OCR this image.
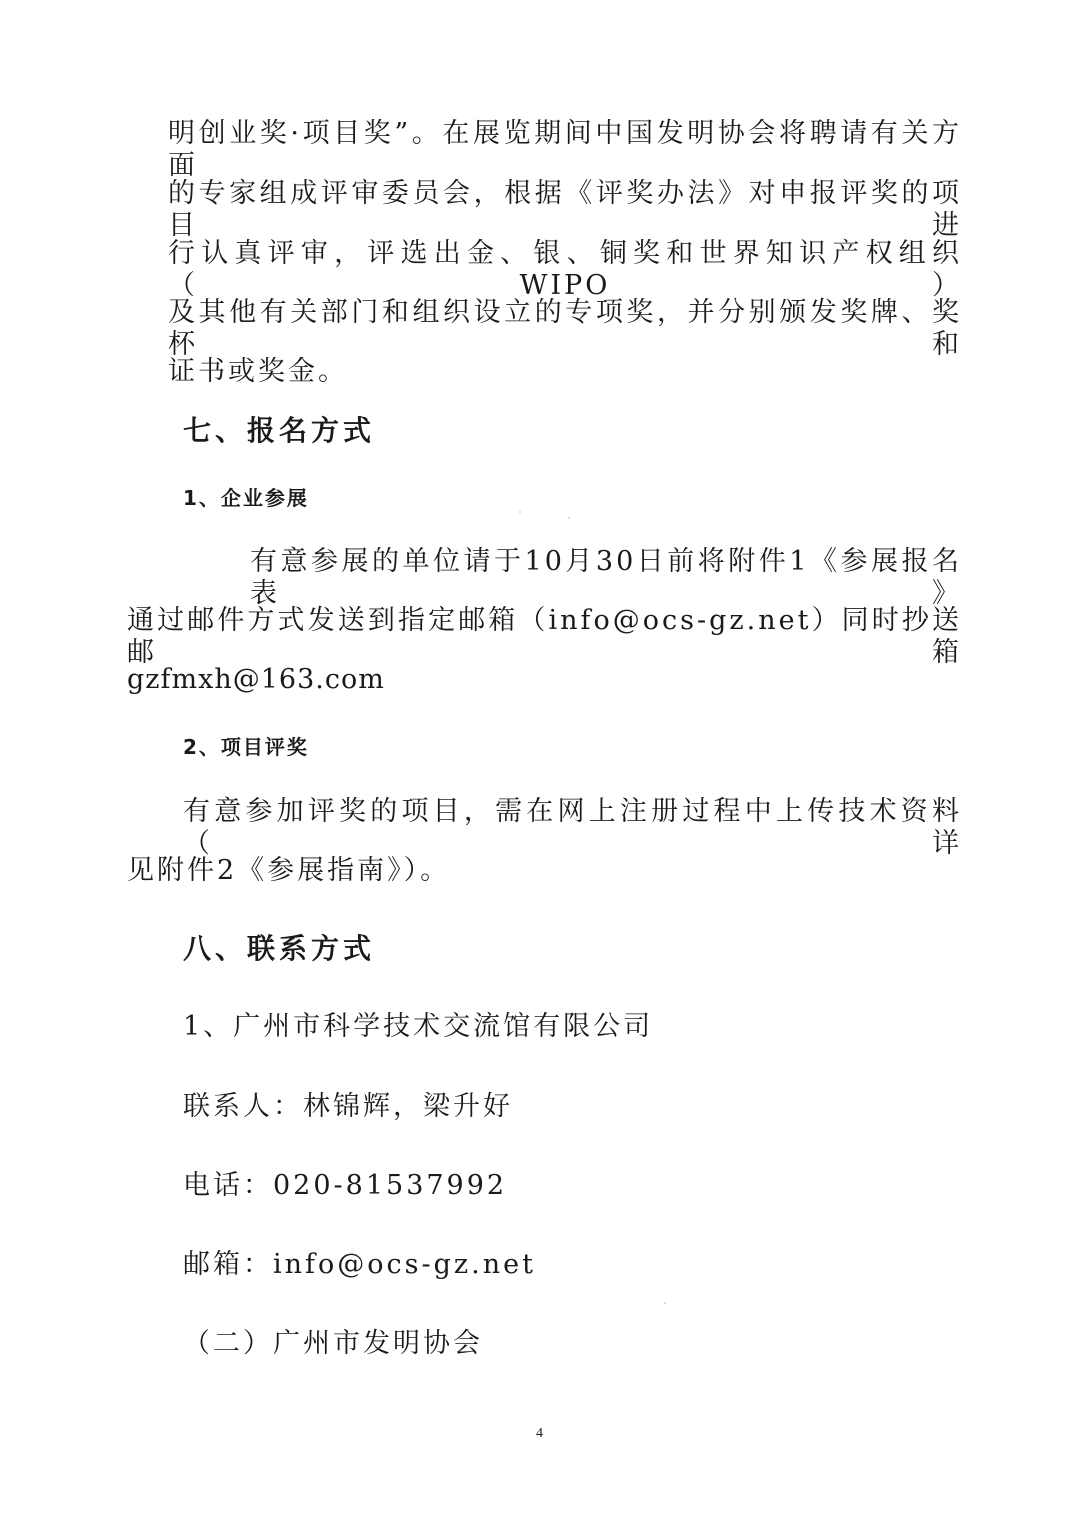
明创业奖·项目奖”。在展览期间中国发明协会将聘请有关方面
的专家组成评审委员会，根据《评奖办法》对申报评奖的项目进
行认真评审，评选出金、银、铜奖和世界知识产权组织（WIPO）
及其他有关部门和组织设立的专项奖，并分别颁发奖牌、奖杯和
证书或奖金。
七、报名方式
1、企业参展
有意参展的单位请于10月30日前将附件1《参展报名表》
通过邮件方式发送到指定邮箱（info@ocs-gz.net）同时抄送邮箱
gzfmxh@163.com
2、项目评奖
有意参加评奖的项目，需在网上注册过程中上传技术资料（详
见附件2《参展指南》）。
八、联系方式
1、广州市科学技术交流馆有限公司
联系人：林锦辉，梁升好
电话：020-81537992
邮箱：info@ocs-gz.net
（二）广州市发明协会
4
